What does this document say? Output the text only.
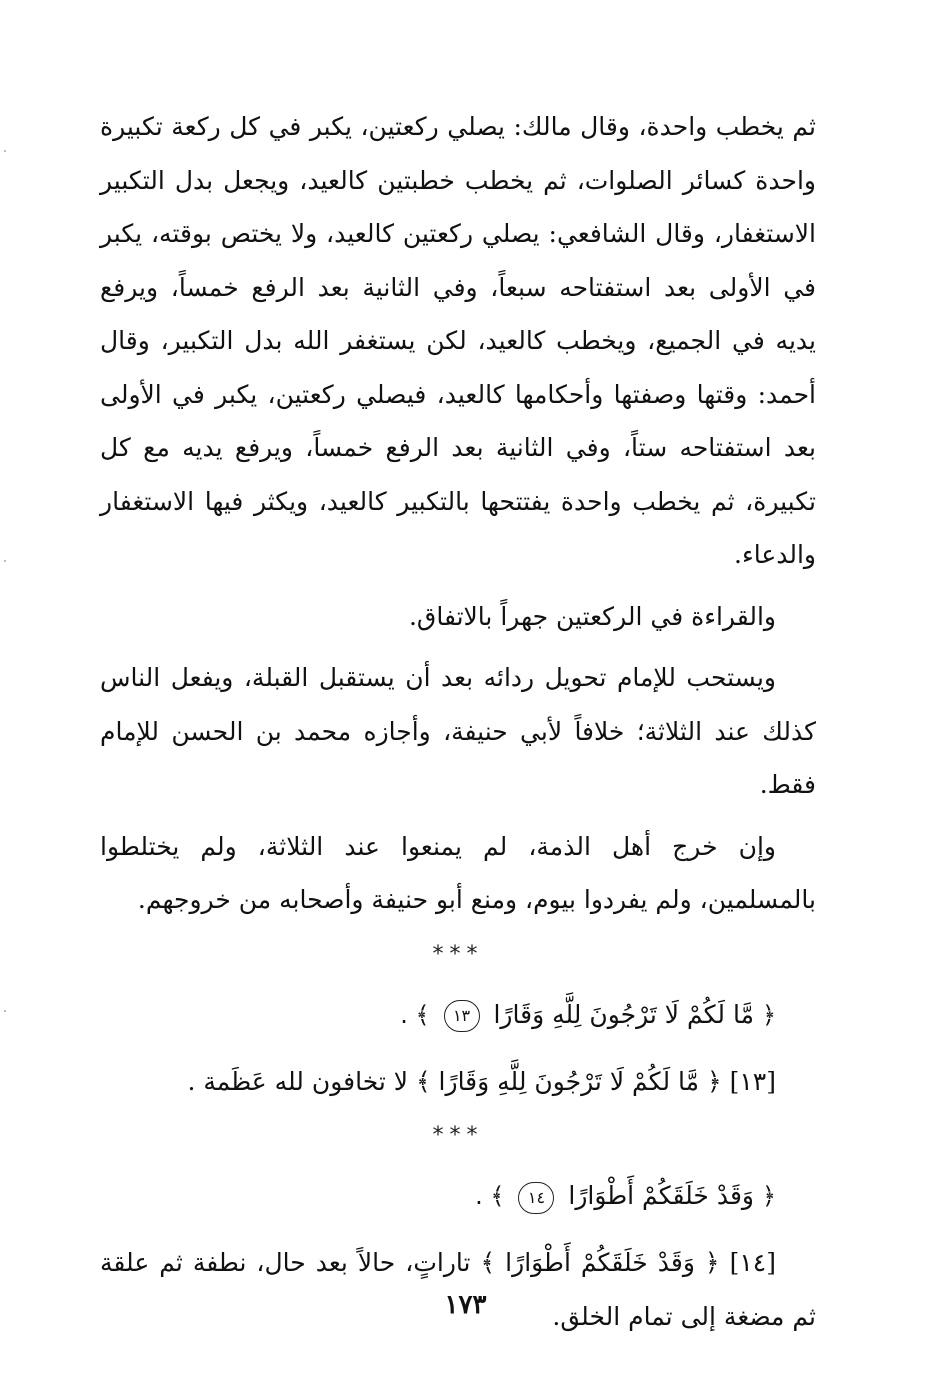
ثم يخطب واحدة، وقال مالك: يصلي ركعتين، يكبر في كل ركعة تكبيرة واحدة كسائر الصلوات، ثم يخطب خطبتين كالعيد، ويجعل بدل التكبير الاستغفار، وقال الشافعي: يصلي ركعتين كالعيد، ولا يختص بوقته، يكبر في الأولى بعد استفتاحه سبعاً، وفي الثانية بعد الرفع خمساً، ويرفع يديه في الجميع، ويخطب كالعيد، لكن يستغفر الله بدل التكبير، وقال أحمد: وقتها وصفتها وأحكامها كالعيد، فيصلي ركعتين، يكبر في الأولى بعد استفتاحه ستاً، وفي الثانية بعد الرفع خمساً، ويرفع يديه مع كل تكبيرة، ثم يخطب واحدة يفتتحها بالتكبير كالعيد، ويكثر فيها الاستغفار والدعاء.

والقراءة في الركعتين جهراً بالاتفاق.

ويستحب للإمام تحويل ردائه بعد أن يستقبل القبلة، ويفعل الناس كذلك عند الثلاثة؛ خلافاً لأبي حنيفة، وأجازه محمد بن الحسن للإمام فقط.

وإن خرج أهل الذمة، لم يمنعوا عند الثلاثة، ولم يختلطوا بالمسلمين، ولم يفردوا بيوم، ومنع أبو حنيفة وأصحابه من خروجهم.

***
﴿ مَّا لَكُمْ لَا تَرْجُونَ لِلَّهِ وَقَارًا ١٣ ﴾ .

[١٣] ﴿ مَّا لَكُمْ لَا تَرْجُونَ لِلَّهِ وَقَارًا ﴾ لا تخافون لله عَظَمة .

***
﴿ وَقَدْ خَلَقَكُمْ أَطْوَارًا ١٤ ﴾ .

[١٤] ﴿ وَقَدْ خَلَقَكُمْ أَطْوَارًا ﴾ تاراتٍ، حالاً بعد حال، نطفة ثم علقة ثم مضغة إلى تمام الخلق.

١٧٣
